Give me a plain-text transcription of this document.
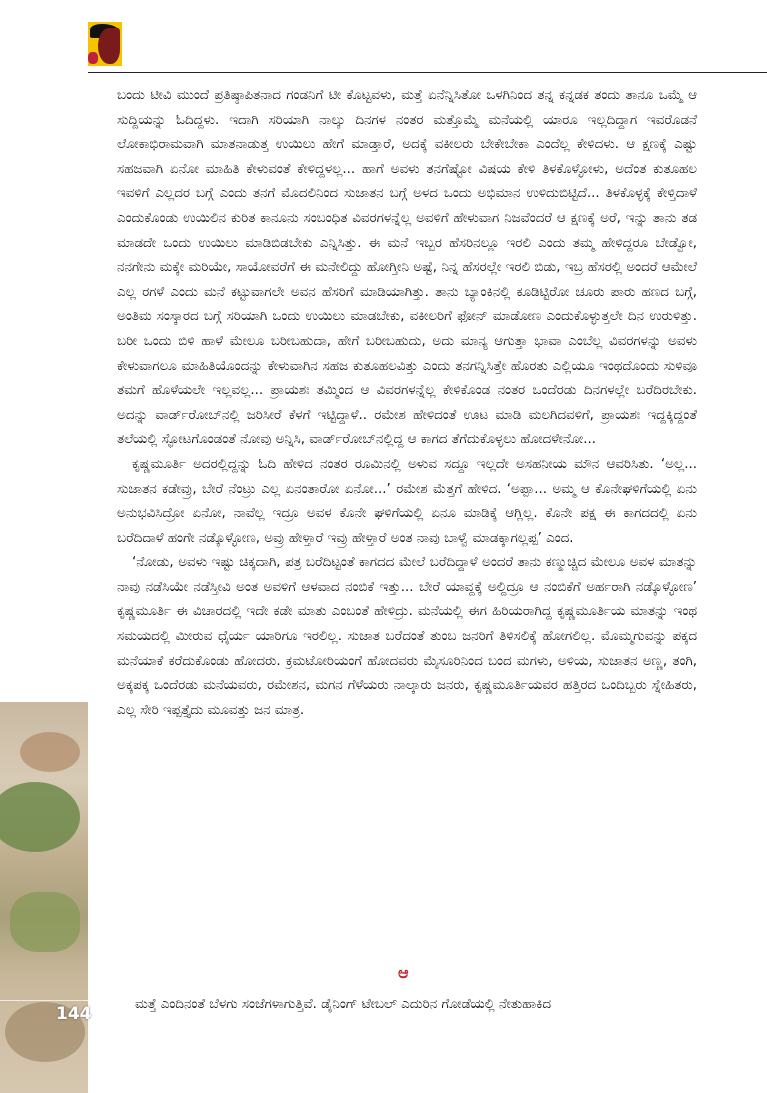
144

ಬಂದು ಟೀವಿ ಮುಂದೆ ಪ್ರತಿಷ್ಠಾಪಿತನಾದ ಗಂಡನಿಗೆ ಟೀ ಕೊಟ್ಟವಳು, ಮತ್ತೆ ಏನೆನ್ನಿಸಿತೋ ಒಳಗಿನಿಂದ ತನ್ನ ಕನ್ನಡಕ ತಂದು ತಾನೂ ಒಮ್ಮೆ ಆ ಸುದ್ದಿಯನ್ನು ಓದಿದ್ದಳು. ಇದಾಗಿ ಸರಿಯಾಗಿ ನಾಲ್ಕು ದಿನಗಳ ನಂತರ ಮತ್ತೊಮ್ಮೆ ಮನೆಯಲ್ಲಿ ಯಾರೂ ಇಲ್ಲದಿದ್ದಾಗ ಇವರೊಡನೆ ಲೋಕಾಭಿರಾಮವಾಗಿ ಮಾತನಾಡುತ್ತ ಉಯಿಲು ಹೇಗೆ ಮಾಡ್ತಾರೆ, ಅದಕ್ಕೆ ವಕೀಲರು ಬೇಕೇಬೇಕಾ ಎಂದೆಲ್ಲ ಕೇಳಿದಳು. ಆ ಕ್ಷಣಕ್ಕೆ ಎಷ್ಟು ಸಹಜವಾಗಿ ಏನೋ ಮಾಹಿತಿ ಕೇಳುವಂತೆ ಕೇಳಿದ್ದಳಲ್ಲ... ಹಾಗೆ ಅವಳು ತನಗೆಷ್ಟೋ ವಿಷಯ ಕೇಳಿ ತಿಳಕೊಳ್ಳೋಳು, ಅದೆಂತ ಕುತೂಹಲ ಇವಳಿಗೆ ಎಲ್ಲದರ ಬಗ್ಗೆ ಎಂದು ತನಗೆ ಮೊದಲಿನಿಂದ ಸುಜಾತನ ಬಗ್ಗೆ ಅಳದ ಒಂದು ಅಭಿಮಾನ ಉಳಿದುಬಿಟ್ಟಿದೆ... ತಿಳಕೊಳ್ಳಕ್ಕೆ ಕೇಳ್ತಿದಾಳೆ ಎಂದುಕೊಂಡು ಉಯಿಲಿನ ಕುರಿತ ಕಾನೂನು ಸಂಬಂಧಿತ ವಿವರಗಳನ್ನೆಲ್ಲ ಅವಳಿಗೆ ಹೇಳುವಾಗ ನಿಜವೆಂದರೆ ಆ ಕ್ಷಣಕ್ಕೆ ಅರೆ, ಇನ್ನು ತಾನು ತಡ ಮಾಡದೇ ಒಂದು ಉಯಿಲು ಮಾಡಿಬಿಡಬೇಕು ಎನ್ನಿಸಿತ್ತು. ಈ ಮನೆ ಇಬ್ಬರ ಹೆಸರಿನಲ್ಲೂ ಇರಲಿ ಎಂದು ತಮ್ಮ ಹೇಳಿದ್ದರೂ ಬೇಡ್ವೋ, ನನಗೇನು ಮಕ್ಕೇ ಮರಿಯೇ, ಸಾಯೋವರೆಗೆ ಈ ಮನೇಲಿದ್ದು ಹೋಗ್ತೀನಿ ಅಷ್ಟೆ, ನಿನ್ನ ಹೆಸರಲ್ಲೇ ಇರಲಿ ಬಿಡು, ಇಬ್ರ ಹೆಸರಲ್ಲಿ ಅಂದರೆ ಆಮೇಲೆ ಎಲ್ಲ ರಗಳೆ ಎಂದು ಮನೆ ಕಟ್ಟುವಾಗಲೇ ಅವನ ಹೆಸರಿಗೆ ಮಾಡಿಯಾಗಿತ್ತು. ತಾನು ಬ್ಯಾಂಕಿನಲ್ಲಿ ಕೂಡಿಟ್ಟಿರೋ ಚೂರು ಪಾರು ಹಣದ ಬಗ್ಗೆ, ಅಂತಿಮ ಸಂಸ್ಕಾರದ ಬಗ್ಗೆ ಸರಿಯಾಗಿ ಒಂದು ಉಯಿಲು ಮಾಡಬೇಕು, ವಕೀಲರಿಗೆ ಫೋನ್ ಮಾಡೋಣ ಎಂದುಕೊಳ್ಳುತ್ತಲೇ ದಿನ ಉರುಳಿತ್ತು. ಬರೀ ಒಂದು ಬಿಳಿ ಹಾಳೆ ಮೇಲೂ ಬರೀಬಹುದಾ, ಹೇಗೆ ಬರೀಬಹುದು, ಅದು ಮಾನ್ಯ ಆಗುತ್ತಾ ಭಾವಾ ಎಂಬೆಲ್ಲ ವಿವರಗಳನ್ನು ಅವಳು ಕೇಳುವಾಗಲೂ ಮಾಹಿತಿಯೊಂದನ್ನು ಕೇಳುವಾಗಿನ ಸಹಜ ಕುತೂಹಲವಿತ್ತು ಎಂದು ತನಗನ್ನಿಸಿತ್ತೇ ಹೊರತು ಎಲ್ಲಿಯೂ ಇಂಥದೊಂದು ಸುಳಿವೂ ತಮಗೆ ಹೊಳೆಯಲೇ ಇಲ್ಲವಲ್ಲ... ಪ್ರಾಯಶಃ ತಮ್ಮಿಂದ ಆ ವಿವರಗಳನ್ನೆಲ್ಲ ಕೇಳಿಕೊಂಡ ನಂತರ ಒಂದೆರಡು ದಿನಗಳಲ್ಲೇ ಬರೆದಿರಬೇಕು. ಅದನ್ನು ವಾರ್ಡ್‌ರೋಬ್‌ನಲ್ಲಿ ಜರಿಸೀರೆ ಕೆಳಗೆ ಇಟ್ಟಿದ್ದಾಳೆ.. ರಮೇಶ ಹೇಳಿದಂತೆ ಊಟ ಮಾಡಿ ಮಲಗಿದವಳಿಗೆ, ಪ್ರಾಯಶಃ ಇದ್ದಕ್ಕಿದ್ದಂತೆ ತಲೆಯಲ್ಲಿ ಸ್ಫೋಟಗೊಂಡಂತೆ ನೋವು ಅನ್ನಿಸಿ, ವಾರ್ಡ್‌ರೋಬ್‌ನಲ್ಲಿದ್ದ ಆ ಕಾಗದ ತೆಗೆದುಕೊಳ್ಳಲು ಹೋದಳೇನೋ...

ಕೃಷ್ಣಮೂರ್ತಿ ಅದರಲ್ಲಿದ್ದನ್ನು ಓದಿ ಹೇಳಿದ ನಂತರ ರೂಮಿನಲ್ಲಿ ಅಳುವ ಸದ್ದೂ ಇಲ್ಲದೇ ಅಸಹನೀಯ ಮೌನ ಆವರಿಸಿತು. ‘ಅಲ್ಲ... ಸುಜಾತನ ಕಡೇವ್ರು, ಬೇರೆ ನೆಂಟ್ರು ಎಲ್ಲ ಏನಂತಾರೋ ಏನೋ...’ ರಮೇಶ ಮೆತ್ತಗೆ ಹೇಳಿದ. ‘ಅಪ್ಪಾ... ಅಮ್ಮ ಆ ಕೊನೇಘಳಿಗೆಯಲ್ಲಿ ಏನು ಅನುಭವಿಸಿದ್ರೋ ಏನೋ, ನಾವೆಲ್ಲ ಇದ್ರೂ ಅವಳ ಕೊನೇ ಘಳಿಗೆಯಲ್ಲಿ ಏನೂ ಮಾಡಿಕ್ಕೆ ಆಗ್ಲಿಲ್ಲ. ಕೊನೇ ಪಕ್ಷ ಈ ಕಾಗದದಲ್ಲಿ ಏನು ಬರೆದಿದಾಳೆ ಹಂಗೇ ನಡ್ಕೊಳ್ಳೋಣ, ಅವ್ರು ಹೇಳ್ತಾರೆ ಇವ್ರು ಹೇಳ್ತಾರೆ ಅಂತ ನಾವು ಬಾಳ್ವೆ ಮಾಡಕ್ಕಾಗಲ್ಲಪ್ಪ’ ಎಂದ.

‘ನೋಡು, ಅವಳು ಇಷ್ಟು ಚಿಕ್ಕದಾಗಿ, ಪತ್ರ ಬರೆದಿಟ್ಟಂತೆ ಕಾಗದದ ಮೇಲೆ ಬರೆದಿದ್ದಾಳೆ ಅಂದರೆ ತಾನು ಕಣ್ಮುಚ್ಚಿದ ಮೇಲೂ ಅವಳ ಮಾತನ್ನು ನಾವು ನಡೆಸಿಯೇ ನಡೆಸ್ತೀವಿ ಅಂತ ಅವಳಿಗೆ ಆಳವಾದ ನಂಬಿಕೆ ಇತ್ತು... ಬೇರೆ ಯಾವ್ದಕ್ಕೆ ಅಲ್ದಿದ್ರೂ ಆ ನಂಬಿಕೆಗೆ ಅರ್ಹರಾಗಿ ನಡ್ಕೊಳ್ಳೋಣ’ ಕೃಷ್ಣಮೂರ್ತಿ ಈ ವಿಚಾರದಲ್ಲಿ ಇದೇ ಕಡೇ ಮಾತು ಎಂಬಂತೆ ಹೇಳಿದ್ರು. ಮನೆಯಲ್ಲಿ ಈಗ ಹಿರಿಯರಾಗಿದ್ದ ಕೃಷ್ಣಮೂರ್ತಿಯ ಮಾತನ್ನು ಇಂಥ ಸಮಯದಲ್ಲಿ ಮೀರುವ ಧೈರ್ಯ ಯಾರಿಗೂ ಇರಲಿಲ್ಲ. ಸುಜಾತ ಬರೆದಂತೆ ತುಂಬ ಜನರಿಗೆ ತಿಳಿಸಲಿಕ್ಕೆ ಹೋಗಲಿಲ್ಲ. ಮೊಮ್ಮಗುವನ್ನು ಪಕ್ಕದ ಮನೆಯಾಕೆ ಕರೆದುಕೊಂಡು ಹೋದರು. ಕ್ರಮಟೋರಿಯಂಗೆ ಹೋದವರು ಮೈಸೂರಿನಿಂದ ಬಂದ ಮಗಳು, ಅಳಿಯ, ಸುಜಾತನ ಅಣ್ಣ, ತಂಗಿ, ಅಕ್ಕಪಕ್ಕ ಒಂದೆರಡು ಮನೆಯವರು, ರಮೇಶನ, ಮಗನ ಗೆಳೆಯರು ನಾಲ್ಕಾರು ಜನರು, ಕೃಷ್ಣಮೂರ್ತಿಯವರ ಹತ್ತಿರದ ಒಂದಿಬ್ಬರು ಸ್ನೇಹಿತರು, ಎಲ್ಲ ಸೇರಿ ಇಪ್ಪತ್ತೈದು ಮೂವತ್ತು ಜನ ಮಾತ್ರ.

ಆ
ಮತ್ತೆ ಎಂದಿನಂತೆ ಬೆಳಗು ಸಂಜೆಗಳಾಗುತ್ತಿವೆ. ಡೈನಿಂಗ್ ಟೇಬಲ್ ಎದುರಿನ ಗೋಡೆಯಲ್ಲಿ ನೇತುಹಾಕಿದ
